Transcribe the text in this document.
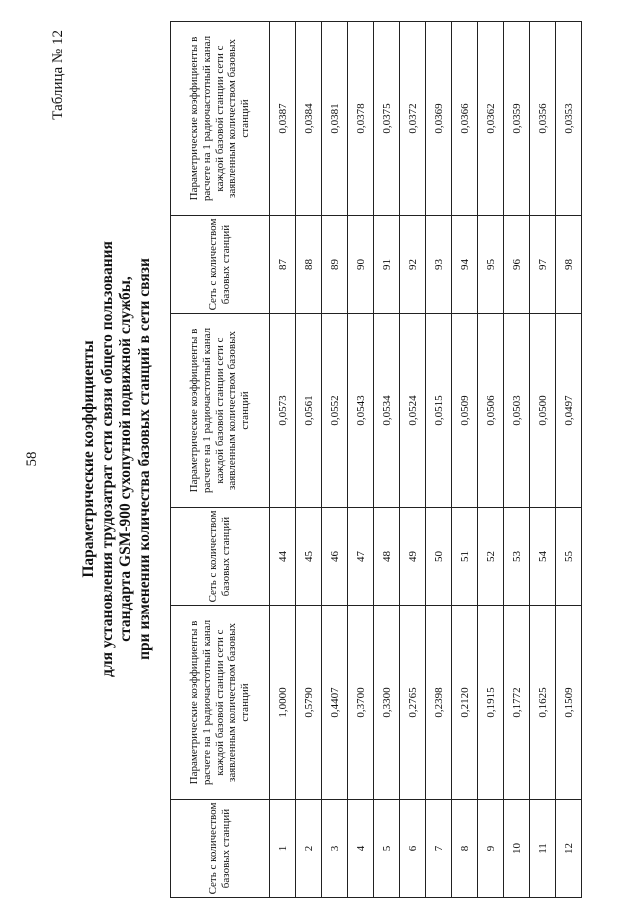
58
Таблица № 12
Параметрические коэффициенты для установления трудозатрат сети связи общего пользования стандарта GSM-900 сухопутной подвижной службы, при изменении количества базовых станций в сети связи
Сеть с количеством базовых станций	Параметрические коэффициенты в расчете на 1 радиочастотный канал каждой базовой станции сети с заявленным количеством базовых станций	Сеть с количеством базовых станций	Параметрические коэффициенты в расчете на 1 радиочастотный канал каждой базовой станции сети с заявленным количеством базовых станций	Сеть с количеством базовых станций	Параметрические коэффициенты в расчете на 1 радиочастотный канал каждой базовой станции сети с заявленным количеством базовых станций
1	1,0000	44	0,0573	87	0,0387
2	0,5790	45	0,0561	88	0,0384
3	0,4407	46	0,0552	89	0,0381
4	0,3700	47	0,0543	90	0,0378
5	0,3300	48	0,0534	91	0,0375
6	0,2765	49	0,0524	92	0,0372
7	0,2398	50	0,0515	93	0,0369
8	0,2120	51	0,0509	94	0,0366
9	0,1915	52	0,0506	95	0,0362
10	0,1772	53	0,0503	96	0,0359
11	0,1625	54	0,0500	97	0,0356
12	0,1509	55	0,0497	98	0,0353
